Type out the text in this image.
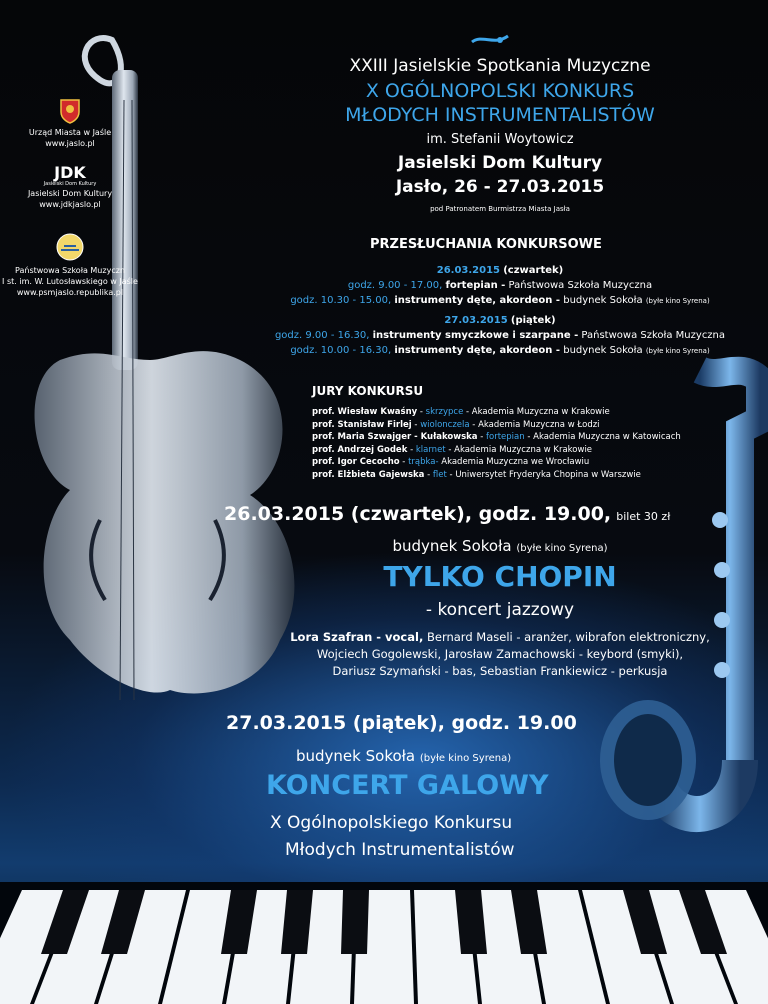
XXIII Jasielskie Spotkania Muzyczne
X OGÓLNOPOLSKI KONKURS
MŁODYCH INSTRUMENTALISTÓW
im. Stefanii Woytowicz
Jasielski Dom Kultury
Jasło, 26 - 27.03.2015
pod Patronatem Burmistrza Miasta Jasła
Urząd Miasta w Jaśle
www.jaslo.pl
JDK
Jasielski Dom Kultury
Jasielski Dom Kultury
www.jdkjaslo.pl
Państwowa Szkoła Muzyczn
I st. im. W. Lutosławskiego w Jaśle
www.psmjaslo.republika.pl
PRZESŁUCHANIA KONKURSOWE
26.03.2015 (czwartek)
godz. 9.00 - 17.00, fortepian - Państwowa Szkoła Muzyczna
godz. 10.30 - 15.00, instrumenty dęte, akordeon - budynek Sokoła (byłe kino Syrena)
27.03.2015 (piątek)
godz. 9.00 - 16.30, instrumenty smyczkowe i szarpane - Państwowa Szkoła Muzyczna
godz. 10.00 - 16.30, instrumenty dęte, akordeon - budynek Sokoła (byłe kino Syrena)
JURY KONKURSU
prof. Wiesław Kwaśny - skrzypce - Akademia Muzyczna w Krakowie
prof. Stanisław Firlej - wiolonczela - Akademia Muzyczna w Łodzi
prof. Maria Szwajger - Kułakowska - fortepian - Akademia Muzyczna w Katowicach
prof. Andrzej Godek - klarnet - Akademia Muzyczna w Krakowie
prof. Igor Cecocho - trąbka- Akademia Muzyczna we Wrocławiu
prof. Elżbieta Gajewska - flet - Uniwersytet Fryderyka Chopina w Warszwie
26.03.2015 (czwartek), godz. 19.00, bilet 30 zł
budynek Sokoła (byłe kino Syrena)
TYLKO CHOPIN
- koncert jazzowy
Lora Szafran - vocal, Bernard Maseli - aranżer, wibrafon elektroniczny,
Wojciech Gogolewski, Jarosław Zamachowski - keybord (smyki),
Dariusz Szymański - bas, Sebastian Frankiewicz - perkusja
27.03.2015 (piątek), godz. 19.00
budynek Sokoła (byłe kino Syrena)
KONCERT GALOWY
X Ogólnopolskiego Konkursu
Młodych Instrumentalistów
